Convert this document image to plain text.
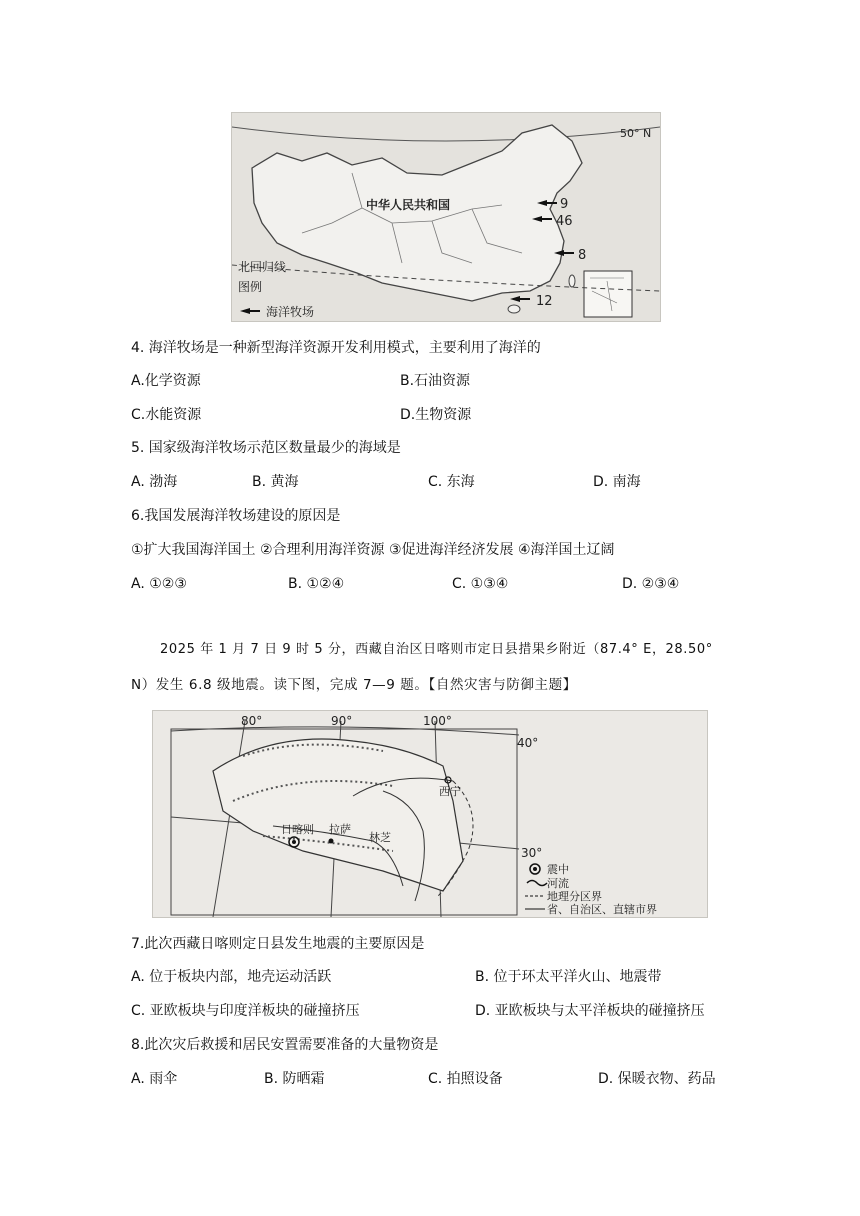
50° N
北回归线
中华人民共和国	9
46
8
12
图例
海洋牧场
4. 海洋牧场是一种新型海洋资源开发利用模式，主要利用了海洋的
A.化学资源	B.石油资源
C.水能资源	D.生物资源
5. 国家级海洋牧场示范区数量最少的海域是
A. 渤海	B. 黄海	C. 东海	D. 南海
6.我国发展海洋牧场建设的原因是
①扩大我国海洋国土 ②合理利用海洋资源 ③促进海洋经济发展 ④海洋国土辽阔
A. ①②③	B. ①②④	C. ①③④	D. ②③④
2025 年 1 月 7 日 9 时 5 分，西藏自治区日喀则市定日县措果乡附近（87.4° E，28.50°
N）发生 6.8 级地震。读下图，完成 7—9 题。【自然灾害与防御主题】
80°	90°	100°
40°
30°
日喀则 拉萨
林芝
西宁
震中
河流
地理分区界
省、自治区、直辖市界
7.此次西藏日喀则定日县发生地震的主要原因是
A. 位于板块内部，地壳运动活跃	B. 位于环太平洋火山、地震带
C. 亚欧板块与印度洋板块的碰撞挤压	D. 亚欧板块与太平洋板块的碰撞挤压
8.此次灾后救援和居民安置需要准备的大量物资是
A. 雨伞	B. 防晒霜	C. 拍照设备	D. 保暖衣物、药品
